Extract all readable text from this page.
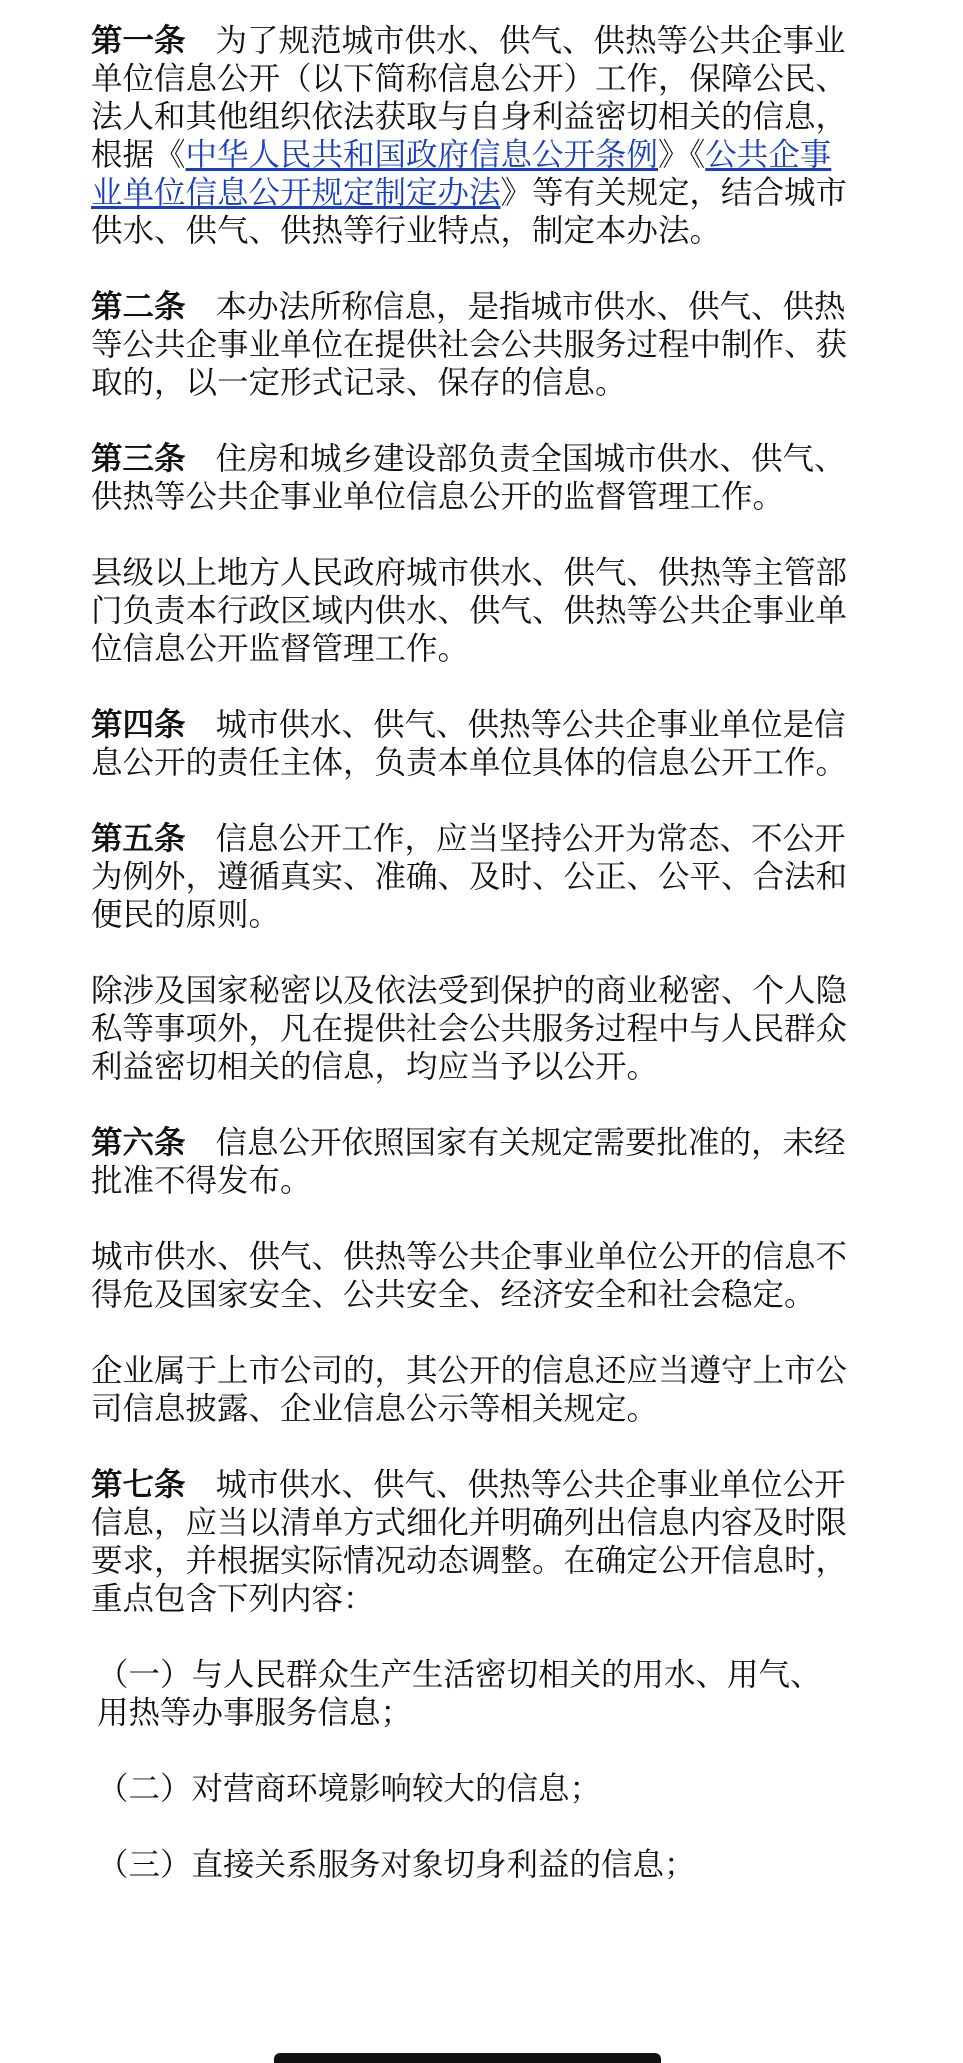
第一条 为了规范城市供水、供气、供热等公共企事业单位信息公开（以下简称信息公开）工作，保障公民、法人和其他组织依法获取与自身利益密切相关的信息，根据《中华人民共和国政府信息公开条例》《公共企事业单位信息公开规定制定办法》等有关规定，结合城市供水、供气、供热等行业特点，制定本办法。

第二条 本办法所称信息，是指城市供水、供气、供热等公共企事业单位在提供社会公共服务过程中制作、获取的，以一定形式记录、保存的信息。

第三条 住房和城乡建设部负责全国城市供水、供气、供热等公共企事业单位信息公开的监督管理工作。

县级以上地方人民政府城市供水、供气、供热等主管部门负责本行政区域内供水、供气、供热等公共企事业单位信息公开监督管理工作。

第四条 城市供水、供气、供热等公共企事业单位是信息公开的责任主体，负责本单位具体的信息公开工作。

第五条 信息公开工作，应当坚持公开为常态、不公开为例外，遵循真实、准确、及时、公正、公平、合法和便民的原则。

除涉及国家秘密以及依法受到保护的商业秘密、个人隐私等事项外，凡在提供社会公共服务过程中与人民群众利益密切相关的信息，均应当予以公开。

第六条 信息公开依照国家有关规定需要批准的，未经批准不得发布。

城市供水、供气、供热等公共企事业单位公开的信息不得危及国家安全、公共安全、经济安全和社会稳定。

企业属于上市公司的，其公开的信息还应当遵守上市公司信息披露、企业信息公示等相关规定。

第七条 城市供水、供气、供热等公共企事业单位公开信息，应当以清单方式细化并明确列出信息内容及时限要求，并根据实际情况动态调整。在确定公开信息时，重点包含下列内容：

（一）与人民群众生产生活密切相关的用水、用气、用热等办事服务信息；

（二）对营商环境影响较大的信息；

（三）直接关系服务对象切身利益的信息；
